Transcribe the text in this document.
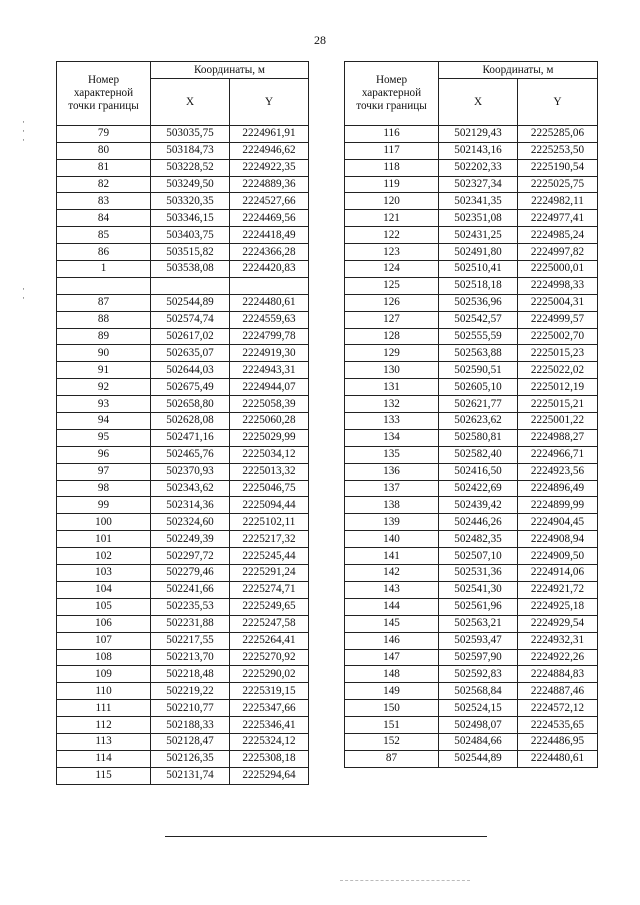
28
·
·
·
·
·
Номер характерной точки границы	Координаты, м	
	X	Y
79	503035,75	2224961,91
80	503184,73	2224946,62
81	503228,52	2224922,35
82	503249,50	2224889,36
83	503320,35	2224527,66
84	503346,15	2224469,56
85	503403,75	2224418,49
86	503515,82	2224366,28
1	503538,08	2224420,83

87	502544,89	2224480,61
88	502574,74	2224559,63
89	502617,02	2224799,78
90	502635,07	2224919,30
91	502644,03	2224943,31
92	502675,49	2224944,07
93	502658,80	2225058,39
94	502628,08	2225060,28
95	502471,16	2225029,99
96	502465,76	2225034,12
97	502370,93	2225013,32
98	502343,62	2225046,75
99	502314,36	2225094,44
100	502324,60	2225102,11
101	502249,39	2225217,32
102	502297,72	2225245,44
103	502279,46	2225291,24
104	502241,66	2225274,71
105	502235,53	2225249,65
106	502231,88	2225247,58
107	502217,55	2225264,41
108	502213,70	2225270,92
109	502218,48	2225290,02
110	502219,22	2225319,15
111	502210,77	2225347,66
112	502188,33	2225346,41
113	502128,47	2225324,12
114	502126,35	2225308,18
115	502131,74	2225294,64
Номер характерной точки границы	Координаты, м	
	X	Y
116	502129,43	2225285,06
117	502143,16	2225253,50
118	502202,33	2225190,54
119	502327,34	2225025,75
120	502341,35	2224982,11
121	502351,08	2224977,41
122	502431,25	2224985,24
123	502491,80	2224997,82
124	502510,41	2225000,01
125	502518,18	2224998,33
126	502536,96	2225004,31
127	502542,57	2224999,57
128	502555,59	2225002,70
129	502563,88	2225015,23
130	502590,51	2225022,02
131	502605,10	2225012,19
132	502621,77	2225015,21
133	502623,62	2225001,22
134	502580,81	2224988,27
135	502582,40	2224966,71
136	502416,50	2224923,56
137	502422,69	2224896,49
138	502439,42	2224899,99
139	502446,26	2224904,45
140	502482,35	2224908,94
141	502507,10	2224909,50
142	502531,36	2224914,06
143	502541,30	2224921,72
144	502561,96	2224925,18
145	502563,21	2224929,54
146	502593,47	2224932,31
147	502597,90	2224922,26
148	502592,83	2224884,83
149	502568,84	2224887,46
150	502524,15	2224572,12
151	502498,07	2224535,65
152	502484,66	2224486,95
87	502544,89	2224480,61
